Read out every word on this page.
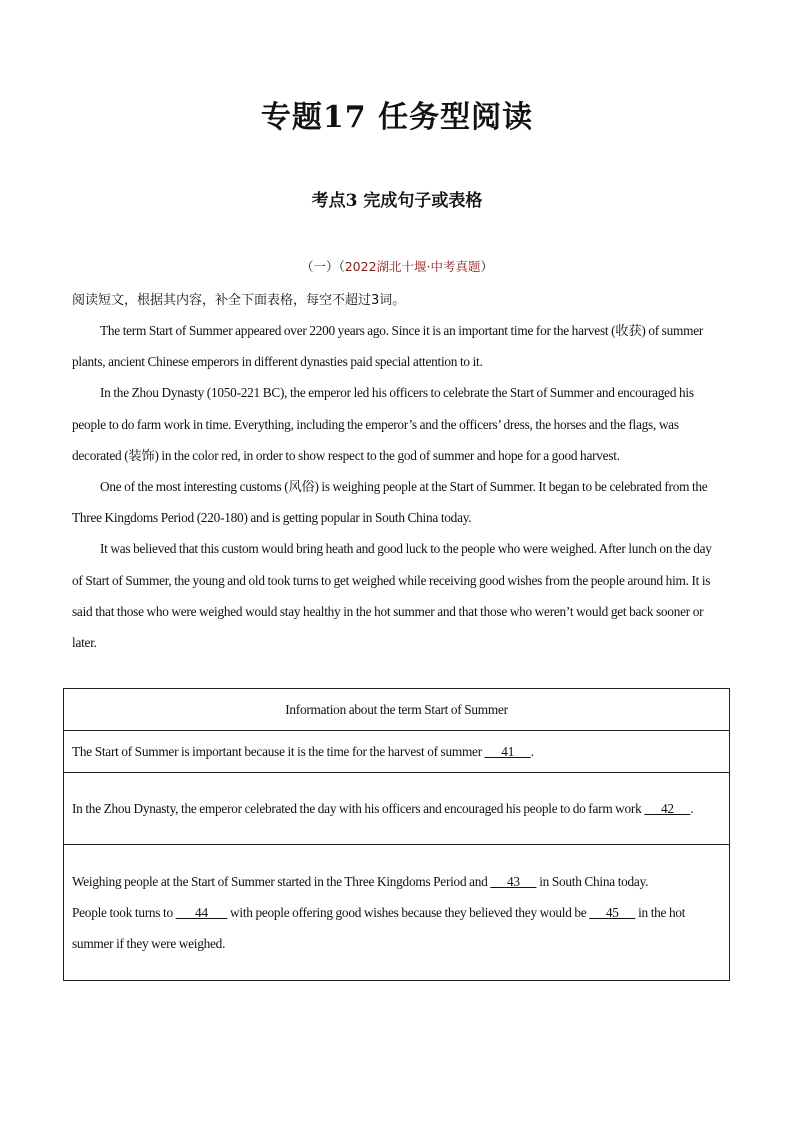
专题17 任务型阅读
考点3 完成句子或表格
（一）（2022湖北十堰·中考真题）
阅读短文，根据其内容，补全下面表格，每空不超过3词。

The term Start of Summer appeared over 2200 years ago. Since it is an important time for the harvest (收获) of summer plants, ancient Chinese emperors in different dynasties paid special attention to it.

In the Zhou Dynasty (1050-221 BC), the emperor led his officers to celebrate the Start of Summer and encouraged his people to do farm work in time. Everything, including the emperor’s and the officers’ dress, the horses and the flags, was decorated (装饰) in the color red, in order to show respect to the god of summer and hope for a good harvest.

One of the most interesting customs (风俗) is weighing people at the Start of Summer. It began to be celebrated from the Three Kingdoms Period (220-180) and is getting popular in South China today.

It was believed that this custom would bring heath and good luck to the people who were weighed. After lunch on the day of Start of Summer, the young and old took turns to get weighed while receiving good wishes from the people around him. It is said that those who were weighed would stay healthy in the hot summer and that those who weren’t would get back sooner or later.

Information about the term Start of Summer
The Start of Summer is important because it is the time for the harvest of summer       41      .
In the Zhou Dynasty, the emperor celebrated the day with his officers and encouraged his people to do farm work       42      .

Weighing people at the Start of Summer started in the Three Kingdoms Period and       43       in South China today.
People took turns to        44        with people offering good wishes because they believed they would be       45       in the hot summer if they were weighed.
